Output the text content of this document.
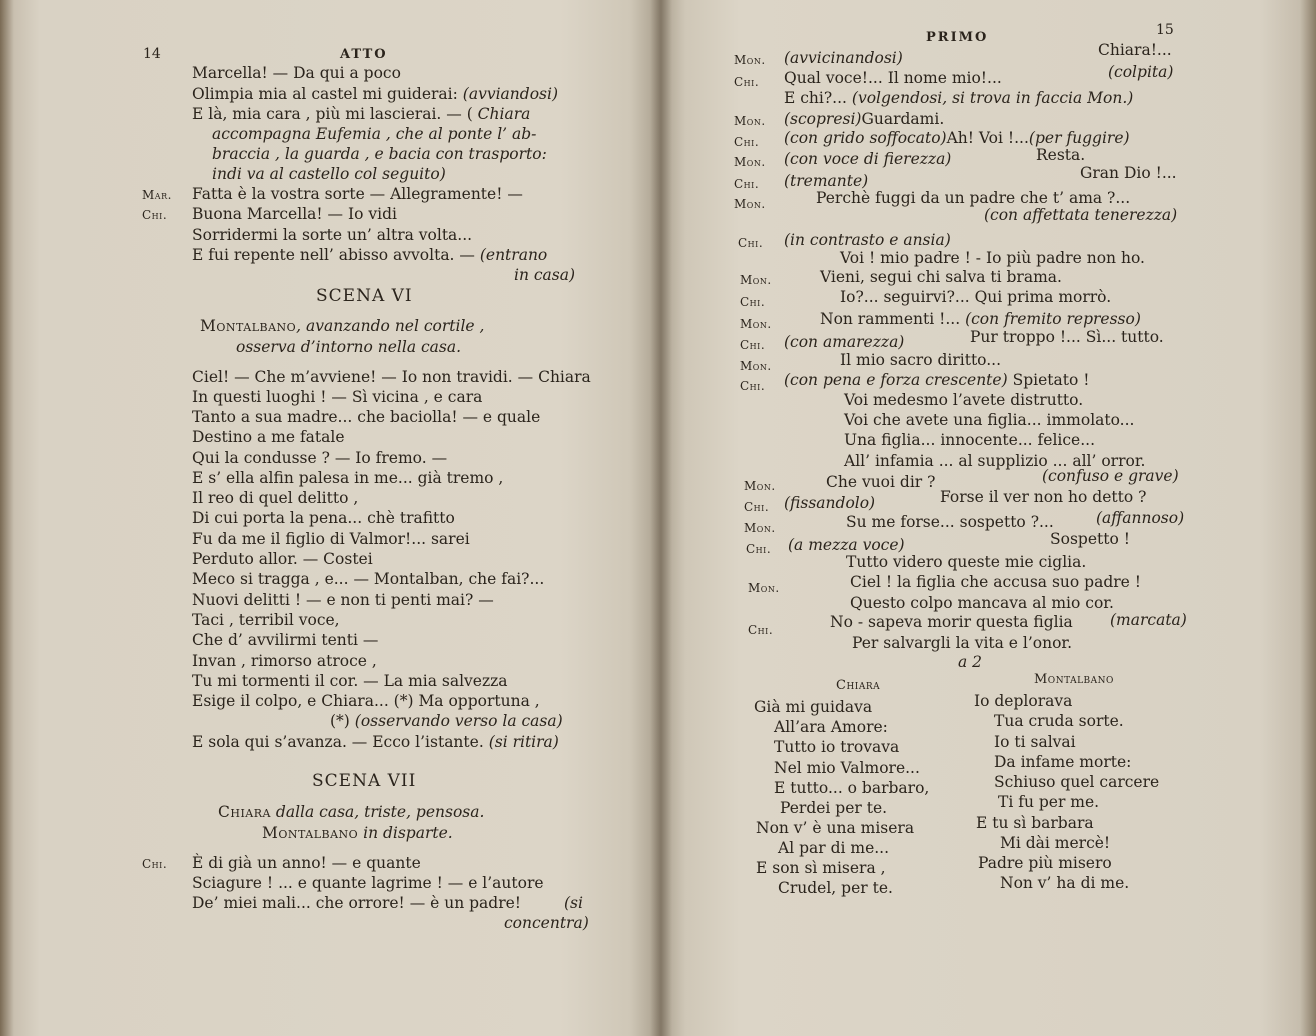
14	ATTO
Marcella! — Da qui a poco
Olimpia mia al castel mi guiderai: (avviandosi)
E là, mia cara , più mi lascierai. — ( Chiara
accompagna Eufemia , che al ponte l’ ab-
braccia , la guarda , e bacia con trasporto:
indi va al castello col seguito)
Mar. Fatta è la vostra sorte — Allegramente! —
Chi. Buona Marcella! — Io vidi
Sorridermi la sorte un’ altra volta...
E fui repente nell’ abisso avvolta. — (entrano
in casa)
SCENA VI
Montalbano, avanzando nel cortile ,
osserva d’intorno nella casa.
Ciel! — Che m’avviene! — Io non travidi. — Chiara
In questi luoghi ! — Sì vicina , e cara
Tanto a sua madre... che baciolla! — e quale
Destino a me fatale
Qui la condusse ? — Io fremo. —
E s’ ella alfin palesa in me... già tremo ,
Il reo di quel delitto ,
Di cui porta la pena... chè trafitto
Fu da me il figlio di Valmor!... sarei
Perduto allor. — Costei
Meco si tragga , e... — Montalban, che fai?...
Nuovi delitti ! — e non ti penti mai? —
Taci , terribil voce,
Che d’ avvilirmi tenti —
Invan , rimorso atroce ,
Tu mi tormenti il cor. — La mia salvezza
Esige il colpo, e Chiara... (*) Ma opportuna ,
(*) (osservando verso la casa)
E sola qui s’avanza. — Ecco l’istante. (si ritira)
SCENA VII
Chiara dalla casa, triste, pensosa.
Montalbano in disparte.
Chi. È di già un anno! — e quante
Sciagure ! ... e quante lagrime ! — e l’autore
De’ miei mali... che orrore! — è un padre!	(si
concentra)
PRIMO	15
Mon. (avvicinandosi)	Chiara!...
Chi. Qual voce!... Il nome mio!...	(colpita)
E chi?... (volgendosi, si trova in faccia Mon.)
Mon. (scopresi)Guardami.
Chi. (con grido soffocato)Ah! Voi !...(per fuggire)
Mon. (con voce di fierezza)	Resta.
Chi. (tremante)	Gran Dio !...
Mon.	Perchè fuggi da un padre che t’ ama ?...
(con affettata tenerezza)
Chi. (in contrasto e ansia)
Voi ! mio padre ! - Io più padre non ho.
Mon.	Vieni, segui chi salva ti brama.
Chi.	Io?... seguirvi?... Qui prima morrò.
Mon.	Non rammenti !... (con fremito represso)
Chi. (con amarezza)	Pur troppo !... Sì... tutto.
Mon.	Il mio sacro diritto...
Chi. (con pena e forza crescente) Spietato !
Voi medesmo l’avete distrutto.
Voi che avete una figlia... immolato...
Una figlia... innocente... felice...
All’ infamia ... al supplizio ... all’ orror.
Mon.	Che vuoi dir ?	(confuso e grave)
Chi. (fissandolo)	Forse il ver non ho detto ?
Mon.	Su me forse... sospetto ?...	(affannoso)
Chi. (a mezza voce)	Sospetto !
Tutto videro queste mie ciglia.
Mon.	Ciel ! la figlia che accusa suo padre !
Questo colpo mancava al mio cor.
Chi.	No - sapeva morir questa figlia (marcata)
Per salvargli la vita e l’onor.
a 2
Chiara	Montalbano
Già mi guidava
All’ara Amore:
Tutto io trovava
Nel mio Valmore...
E tutto... o barbaro,
Perdei per te.
Non v’ è una misera
Al par di me...
E son sì misera ,
Crudel, per te.
Io deplorava
Tua cruda sorte.
Io ti salvai
Da infame morte:
Schiuso quel carcere
Ti fu per me.
E tu sì barbara
Mi dài mercè!
Padre più misero
Non v’ ha di me.
